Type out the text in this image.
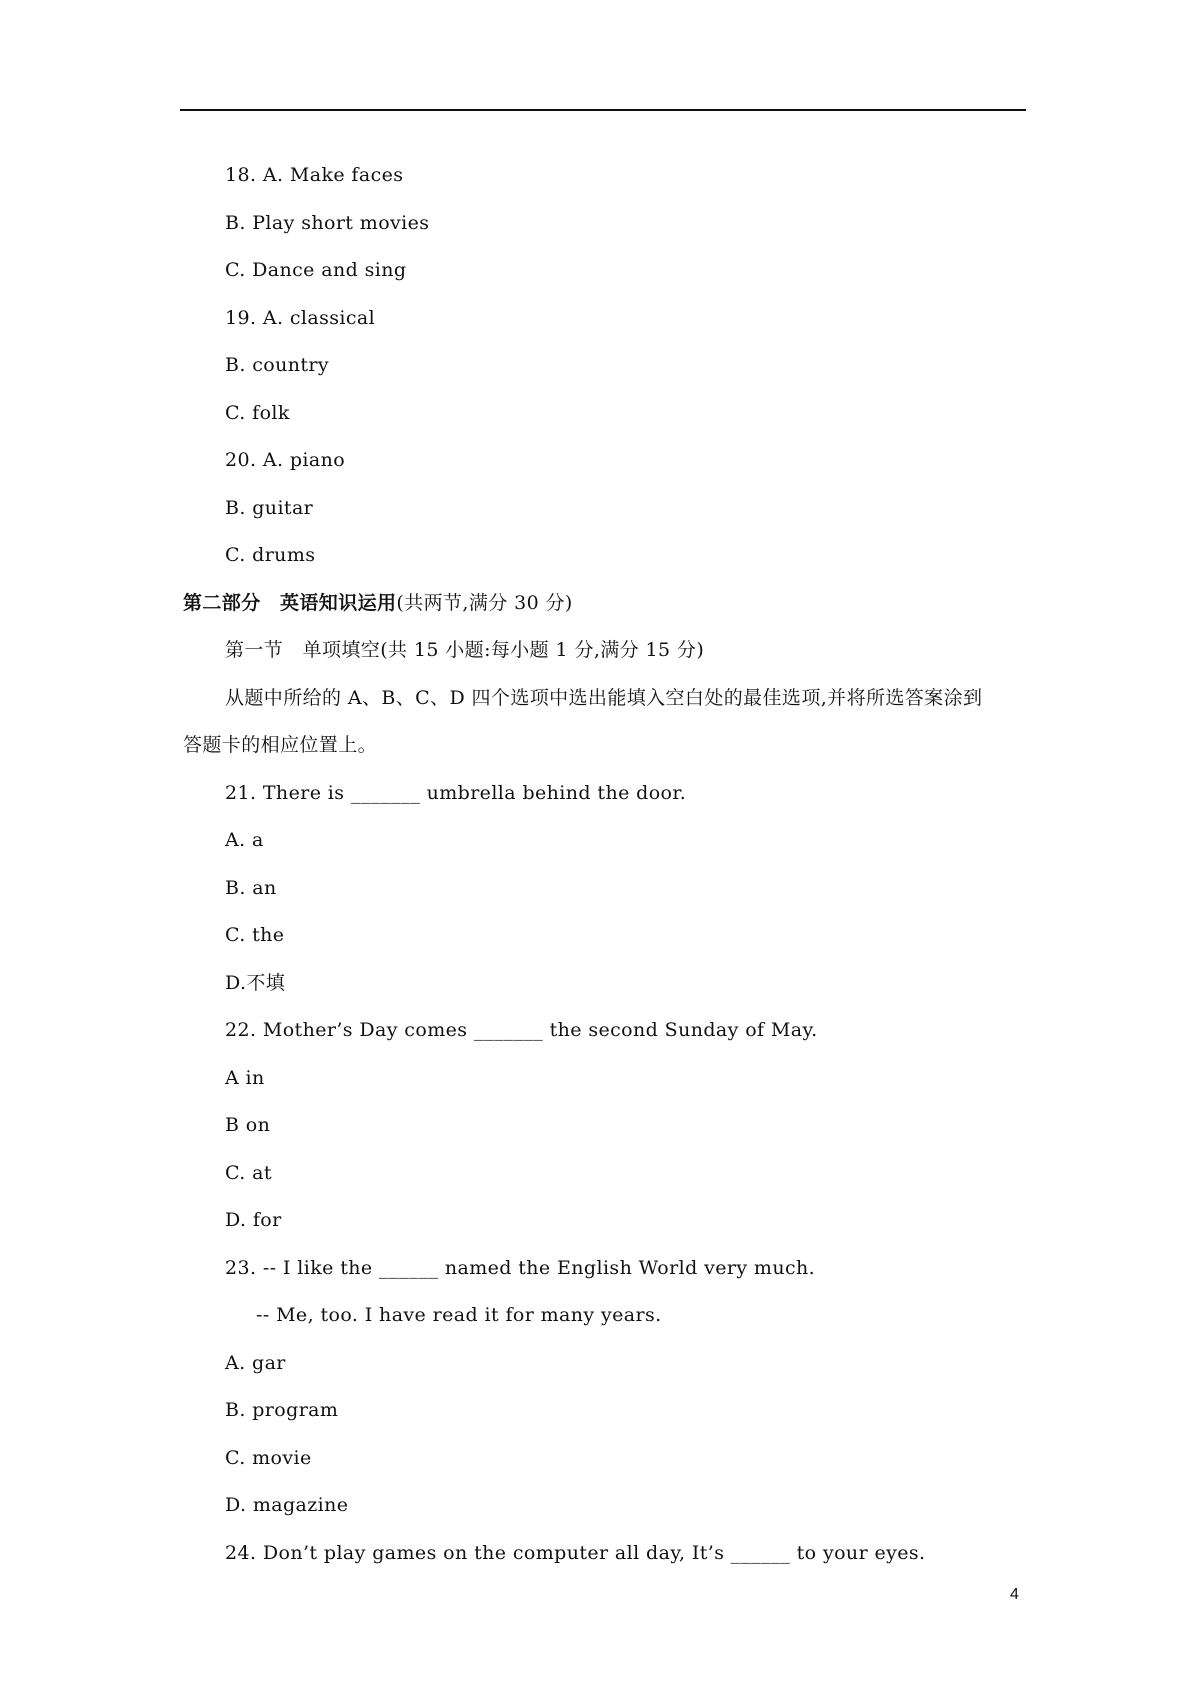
18. A. Make faces
B. Play short movies
C. Dance and sing
19. A. classical
B. country
C. folk
20. A. piano
B. guitar
C. drums
第二部分　英语知识运用(共两节,满分 30 分)
第一节　单项填空(共 15 小题:每小题 1 分,满分 15 分)
从题中所给的 A、B、C、D 四个选项中选出能填入空白处的最佳选项,并将所选答案涂到
答题卡的相应位置上。
21. There is _______ umbrella behind the door.
A. a
B. an
C. the
D.不填
22. Mother’s Day comes _______ the second Sunday of May.
A in
B on
C. at
D. for
23. -- I like the ______ named the English World very much.
-- Me, too. I have read it for many years.
A. gar
B. program
C. movie
D. magazine
24. Don’t play games on the computer all day, It’s ______ to your eyes.
4
